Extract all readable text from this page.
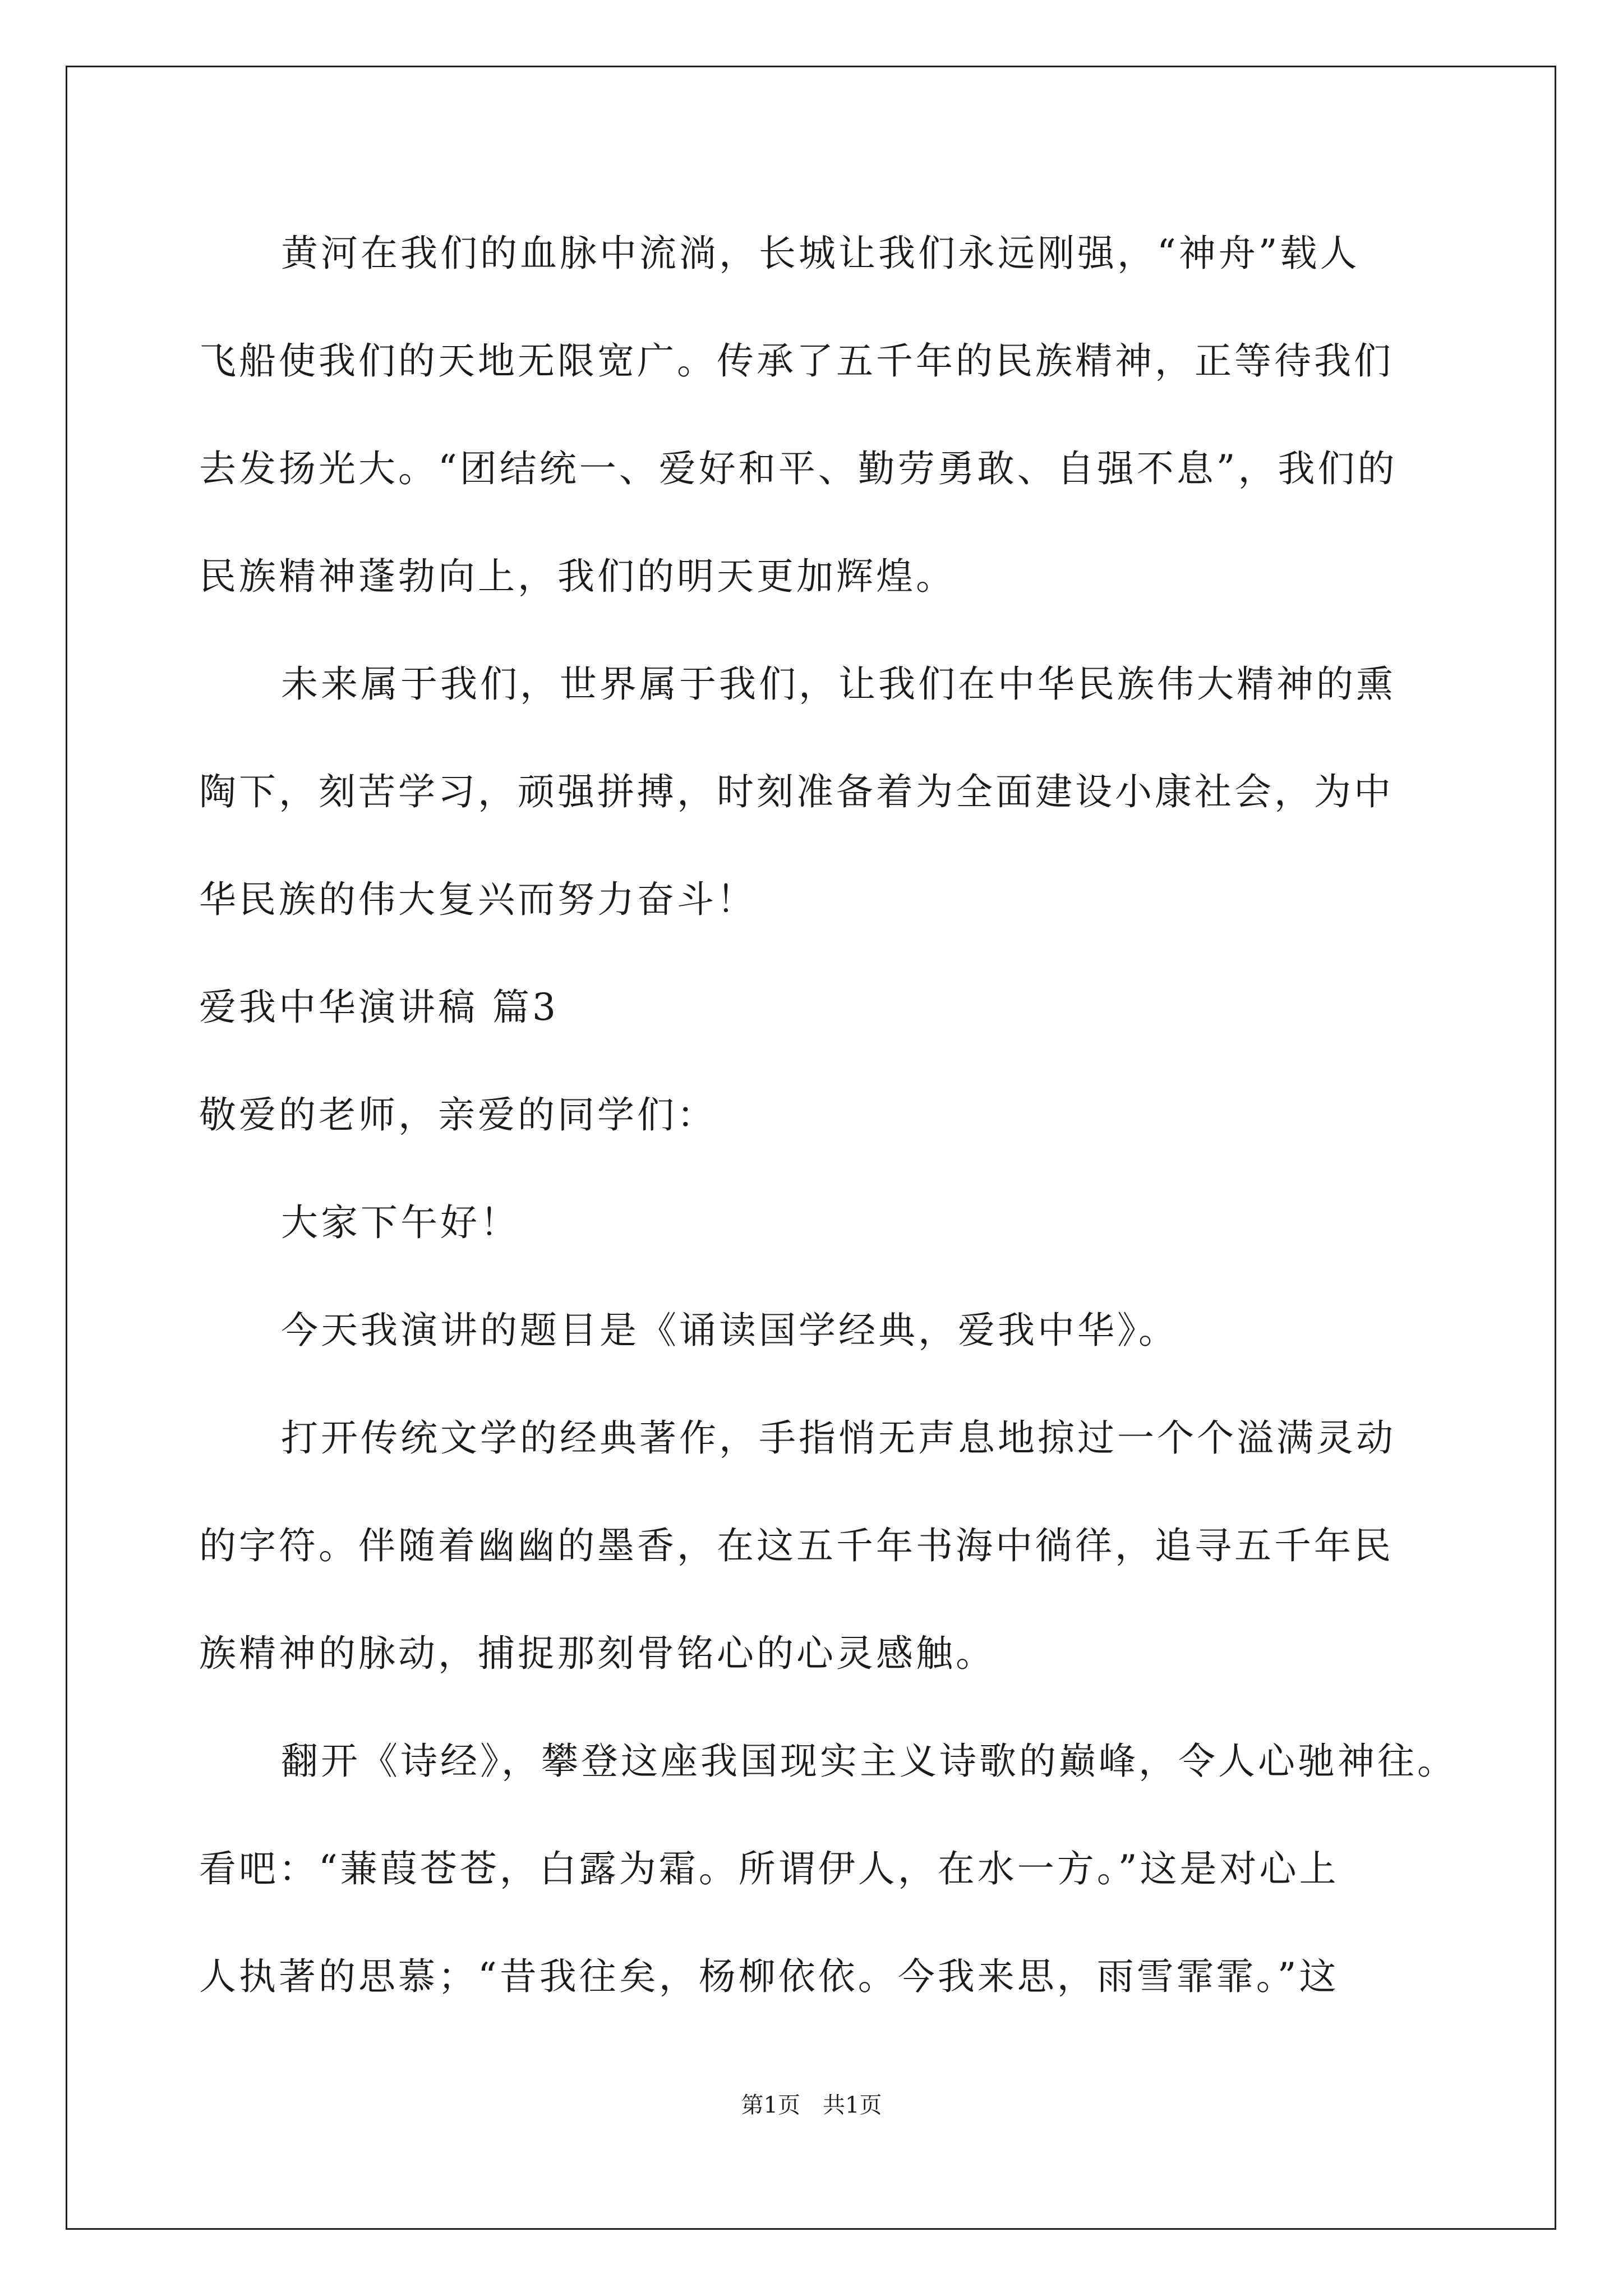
黄河在我们的血脉中流淌，长城让我们永远刚强，“神舟”载人
飞船使我们的天地无限宽广。传承了五千年的民族精神，正等待我们
去发扬光大。“团结统一、爱好和平、勤劳勇敢、自强不息”，我们的
民族精神蓬勃向上，我们的明天更加辉煌。
未来属于我们，世界属于我们，让我们在中华民族伟大精神的熏
陶下，刻苦学习，顽强拼搏，时刻准备着为全面建设小康社会，为中
华民族的伟大复兴而努力奋斗！
爱我中华演讲稿 篇3
敬爱的老师，亲爱的同学们：
大家下午好！
今天我演讲的题目是《诵读国学经典，爱我中华》。
打开传统文学的经典著作，手指悄无声息地掠过一个个溢满灵动
的字符。伴随着幽幽的墨香，在这五千年书海中徜徉，追寻五千年民
族精神的脉动，捕捉那刻骨铭心的心灵感触。
翻开《诗经》，攀登这座我国现实主义诗歌的巅峰，令人心驰神往。
看吧：“蒹葭苍苍，白露为霜。所谓伊人，在水一方。”这是对心上
人执著的思慕；“昔我往矣，杨柳依依。今我来思，雨雪霏霏。”这
第1页　共1页
